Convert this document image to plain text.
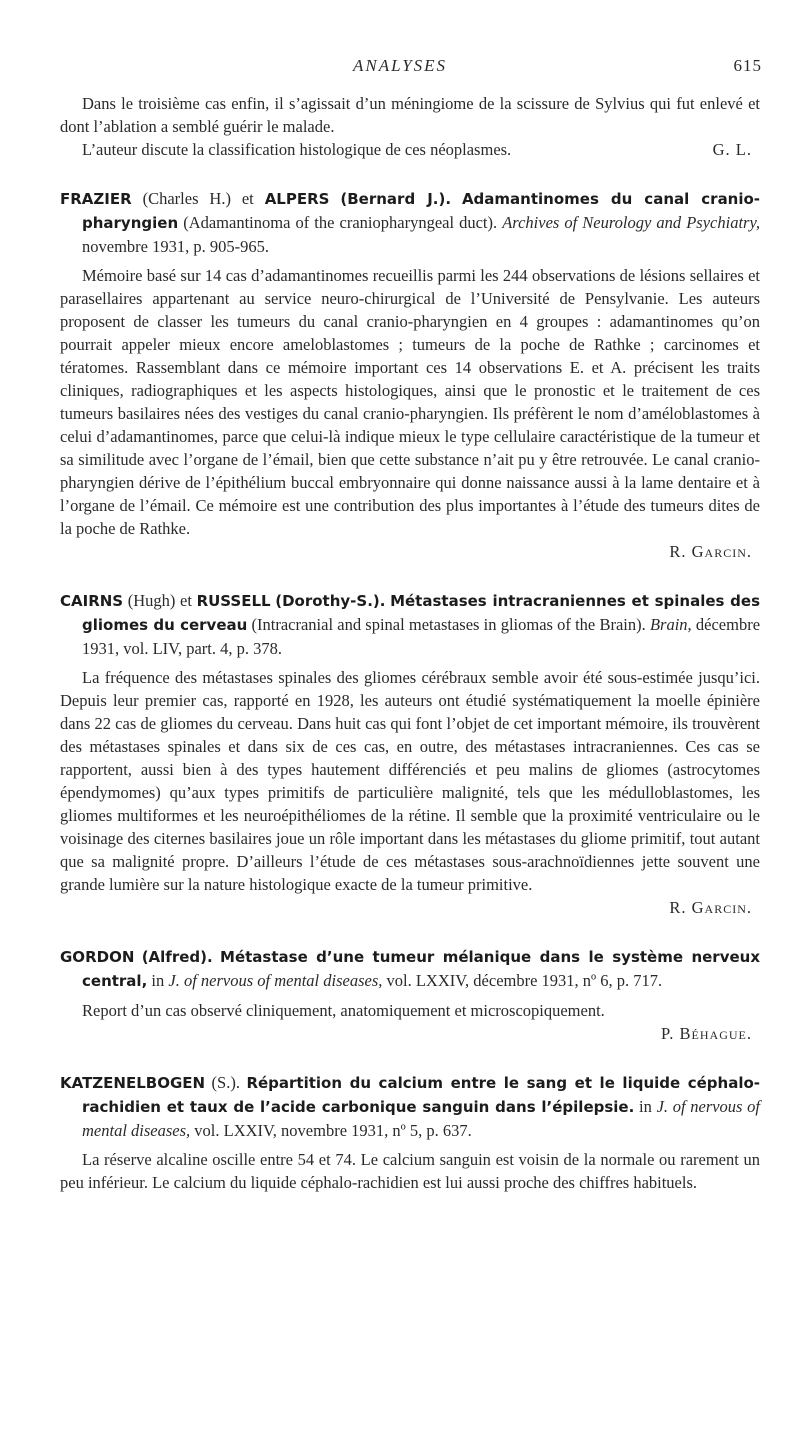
ANALYSES	615

Dans le troisième cas enfin, il s’agissait d’un méningiome de la scissure de Sylvius qui fut enlevé et dont l’ablation a semblé guérir le malade.

L’auteur discute la classification histologique de ces néoplasmes.	G. L.

FRAZIER (Charles H.) et ALPERS (Bernard J.). Adamantinomes du canal cranio-pharyngien (Adamantinoma of the craniopharyngeal duct). Archives of Neurology and Psychiatry, novembre 1931, p. 905-965.

Mémoire basé sur 14 cas d’adamantinomes recueillis parmi les 244 observations de lésions sellaires et parasellaires appartenant au service neuro-chirurgical de l’Université de Pensylvanie. Les auteurs proposent de classer les tumeurs du canal cranio-pharyngien en 4 groupes : adamantinomes qu’on pourrait appeler mieux encore ameloblastomes ; tumeurs de la poche de Rathke ; carcinomes et tératomes. Rassemblant dans ce mémoire important ces 14 observations E. et A. précisent les traits cliniques, radiographiques et les aspects histologiques, ainsi que le pronostic et le traitement de ces tumeurs basilaires nées des vestiges du canal cranio-pharyngien. Ils préfèrent le nom d’améloblastomes à celui d’adamantinomes, parce que celui-là indique mieux le type cellulaire caractéristique de la tumeur et sa similitude avec l’organe de l’émail, bien que cette substance n’ait pu y être retrouvée. Le canal cranio-pharyngien dérive de l’épithélium buccal embryonnaire qui donne naissance aussi à la lame dentaire et à l’organe de l’émail. Ce mémoire est une contribution des plus importantes à l’étude des tumeurs dites de la poche de Rathke.

R. Garcin.

CAIRNS (Hugh) et RUSSELL (Dorothy-S.). Métastases intracraniennes et spinales des gliomes du cerveau (Intracranial and spinal metastases in gliomas of the Brain). Brain, décembre 1931, vol. LIV, part. 4, p. 378.

La fréquence des métastases spinales des gliomes cérébraux semble avoir été sous-estimée jusqu’ici. Depuis leur premier cas, rapporté en 1928, les auteurs ont étudié systématiquement la moelle épinière dans 22 cas de gliomes du cerveau. Dans huit cas qui font l’objet de cet important mémoire, ils trouvèrent des métastases spinales et dans six de ces cas, en outre, des métastases intracraniennes. Ces cas se rapportent, aussi bien à des types hautement différenciés et peu malins de gliomes (astrocytomes épendymomes) qu’aux types primitifs de particulière malignité, tels que les médulloblastomes, les gliomes multiformes et les neuroépithéliomes de la rétine. Il semble que la proximité ventriculaire ou le voisinage des citernes basilaires joue un rôle important dans les métastases du gliome primitif, tout autant que sa malignité propre. D’ailleurs l’étude de ces métastases sous-arachnoïdiennes jette souvent une grande lumière sur la nature histologique exacte de la tumeur primitive.

R. Garcin.

GORDON (Alfred). Métastase d’une tumeur mélanique dans le système nerveux central, in J. of nervous of mental diseases, vol. LXXIV, décembre 1931, nº 6, p. 717.

Report d’un cas observé cliniquement, anatomiquement et microscopiquement.

P. Béhague.

KATZENELBOGEN (S.). Répartition du calcium entre le sang et le liquide céphalo-rachidien et taux de l’acide carbonique sanguin dans l’épilepsie. in J. of nervous of mental diseases, vol. LXXIV, novembre 1931, nº 5, p. 637.

La réserve alcaline oscille entre 54 et 74. Le calcium sanguin est voisin de la normale ou rarement un peu inférieur. Le calcium du liquide céphalo-rachidien est lui aussi proche des chiffres habituels.
